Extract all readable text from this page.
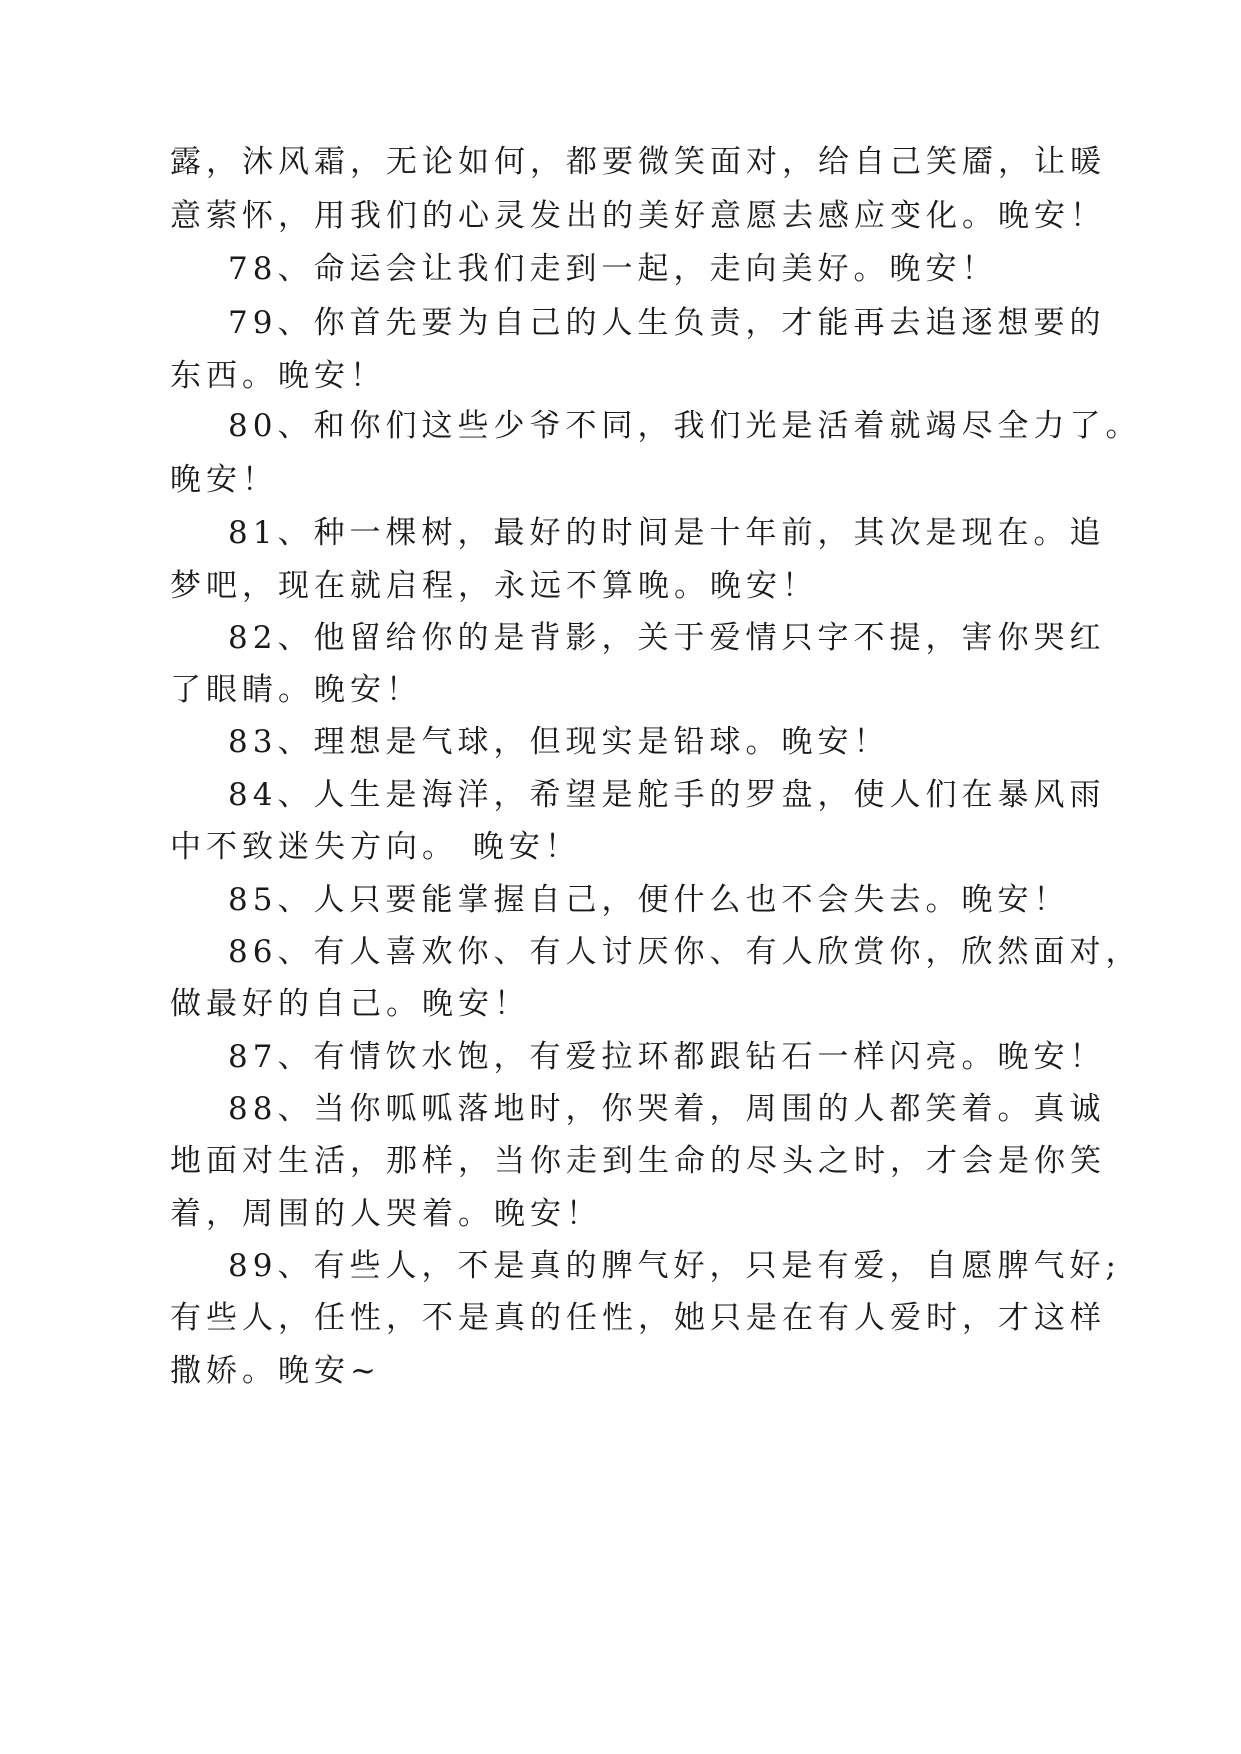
露，沐风霜，无论如何，都要微笑面对，给自己笑靥，让暖
意萦怀，用我们的心灵发出的美好意愿去感应变化。晚安！
78、命运会让我们走到一起，走向美好。晚安！
79、你首先要为自己的人生负责，才能再去追逐想要的
东西。晚安！
80、和你们这些少爷不同，我们光是活着就竭尽全力了。
晚安！
81、种一棵树，最好的时间是十年前，其次是现在。追
梦吧，现在就启程，永远不算晚。晚安！
82、他留给你的是背影，关于爱情只字不提，害你哭红
了眼睛。晚安！
83、理想是气球，但现实是铅球。晚安！
84、人生是海洋，希望是舵手的罗盘，使人们在暴风雨
中不致迷失方向。 晚安！
85、人只要能掌握自己，便什么也不会失去。晚安！
86、有人喜欢你、有人讨厌你、有人欣赏你，欣然面对，
做最好的自己。晚安！
87、有情饮水饱，有爱拉环都跟钻石一样闪亮。晚安！
88、当你呱呱落地时，你哭着，周围的人都笑着。真诚
地面对生活，那样，当你走到生命的尽头之时，才会是你笑
着，周围的人哭着。晚安！
89、有些人，不是真的脾气好，只是有爱，自愿脾气好;
有些人，任性，不是真的任性，她只是在有人爱时，才这样
撒娇。晚安~
